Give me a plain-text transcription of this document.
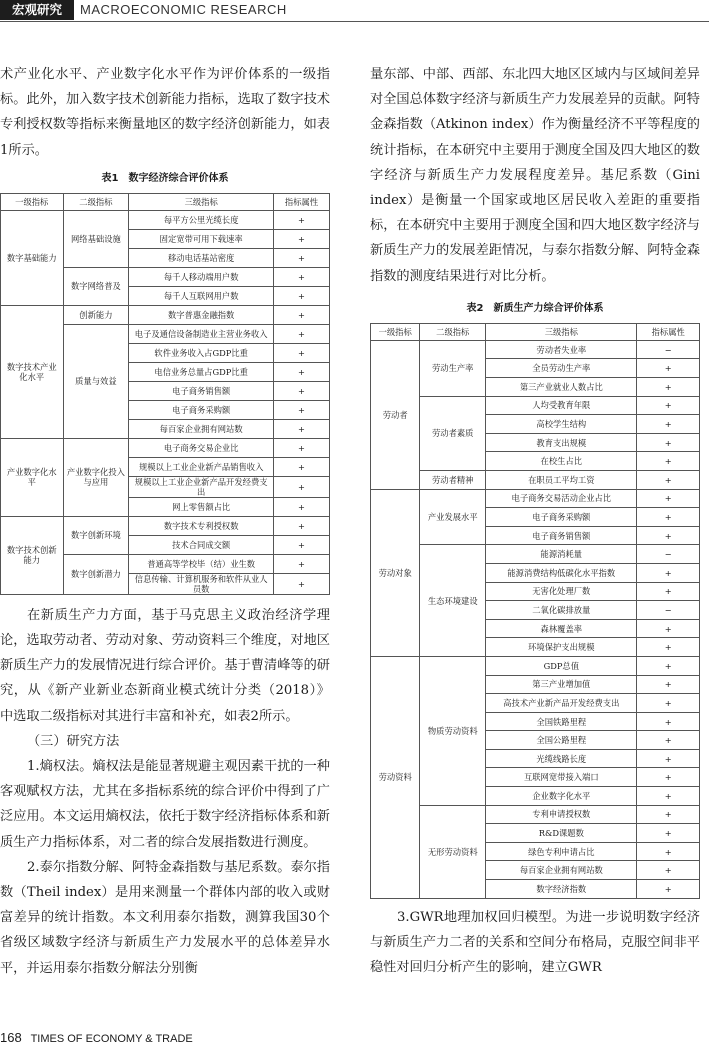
宏观研究	MACROECONOMIC RESEARCH

术产业化水平、产业数字化水平作为评价体系的一级指标。此外，加入数字技术创新能力指标，选取了数字技术专利授权数等指标来衡量地区的数字经济创新能力，如表1所示。

表1　数字经济综合评价体系
一级指标	二级指标	三级指标	指标属性
数字基础能力	网络基础设施	每平方公里光缆长度	+
		固定宽带可用下载速率	+
		移动电话基站密度	+
	数字网络普及	每千人移动端用户数	+
		每千人互联网用户数	+
数字技术产业化水平	创新能力	数字普惠金融指数	+
	质量与效益	电子及通信设备制造业主营业务收入	+
		软件业务收入占GDP比重	+
		电信业务总量占GDP比重	+
		电子商务销售额	+
		电子商务采购额	+
		每百家企业拥有网站数	+
产业数字化水平	产业数字化投入与应用	电子商务交易企业比	+
		规模以上工业企业新产品销售收入	+
		规模以上工业企业新产品开发经费支出	+
		网上零售额占比	+
数字技术创新能力	数字创新环境	数字技术专利授权数	+
		技术合同成交额	+
	数字创新潜力	普通高等学校毕（结）业生数	+
		信息传输、计算机服务和软件从业人员数	+

在新质生产力方面，基于马克思主义政治经济学理论，选取劳动者、劳动对象、劳动资料三个维度，对地区新质生产力的发展情况进行综合评价。基于曹清峰等的研究，从《新产业新业态新商业模式统计分类（2018）》中选取二级指标对其进行丰富和补充，如表2所示。

（三）研究方法

1.熵权法。熵权法是能显著规避主观因素干扰的一种客观赋权方法，尤其在多指标系统的综合评价中得到了广泛应用。本文运用熵权法，依托于数字经济指标体系和新质生产力指标体系，对二者的综合发展指数进行测度。

2.泰尔指数分解、阿特金森指数与基尼系数。泰尔指数（Theil index）是用来测量一个群体内部的收入或财富差异的统计指数。本文利用泰尔指数，测算我国30个省级区域数字经济与新质生产力发展水平的总体差异水平，并运用泰尔指数分解法分别衡

量东部、中部、西部、东北四大地区区域内与区域间差异对全国总体数字经济与新质生产力发展差异的贡献。阿特金森指数（Atkinon index）作为衡量经济不平等程度的统计指标，在本研究中主要用于测度全国及四大地区的数字经济与新质生产力发展程度差异。基尼系数（Gini index）是衡量一个国家或地区居民收入差距的重要指标，在本研究中主要用于测度全国和四大地区数字经济与新质生产力的发展差距情况，与泰尔指数分解、阿特金森指数的测度结果进行对比分析。

表2　新质生产力综合评价体系
一级指标	二级指标	三级指标	指标属性
劳动者	劳动生产率	劳动者失业率	−
		全员劳动生产率	+
		第三产业就业人数占比	+
	劳动者素质	人均受教育年限	+
		高校学生结构	+
		教育支出规模	+
		在校生占比	+
	劳动者精神	在职员工平均工资	+
劳动对象	产业发展水平	电子商务交易活动企业占比	+
		电子商务采购额	+
		电子商务销售额	+
	生态环境建设	能源消耗量	−
		能源消费结构低碳化水平指数	+
		无害化处理厂数	+
		二氧化碳排放量	−
		森林覆盖率	+
		环境保护支出规模	+
劳动资料	物质劳动资料	GDP总值	+
		第三产业增加值	+
		高技术产业新产品开发经费支出	+
		全国铁路里程	+
		全国公路里程	+
		光缆线路长度	+
		互联网宽带接入端口	+
		企业数字化水平	+
	无形劳动资料	专利申请授权数	+
		R&D课题数	+
		绿色专利申请占比	+
		每百家企业拥有网站数	+
		数字经济指数	+

3.GWR地理加权回归模型。为进一步说明数字经济与新质生产力二者的关系和空间分布格局，克服空间非平稳性对回归分析产生的影响，建立GWR

168 TIMES OF ECONOMY & TRADE
